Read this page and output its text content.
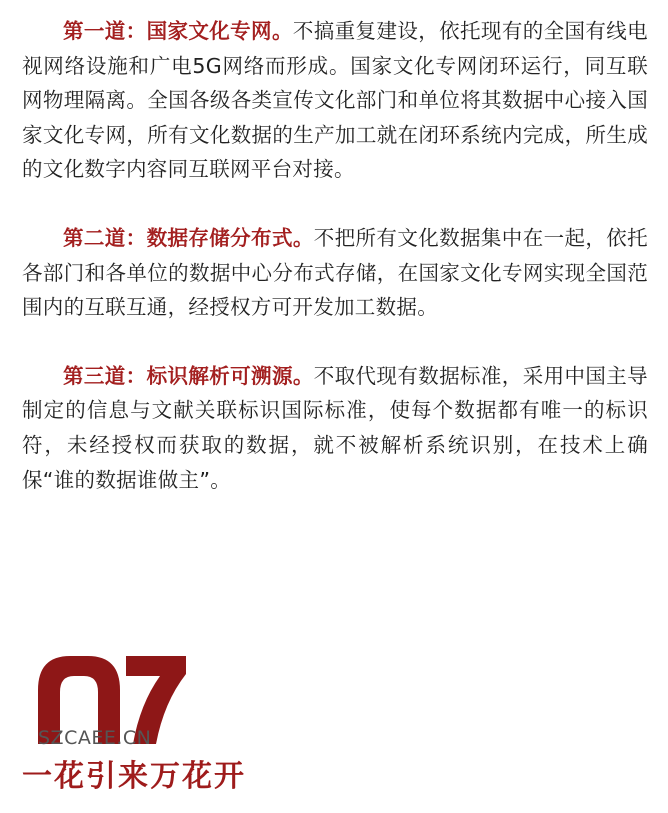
第一道：国家文化专网。不搞重复建设，依托现有的全国有线电视网络设施和广电5G网络而形成。国家文化专网闭环运行，同互联网物理隔离。全国各级各类宣传文化部门和单位将其数据中心接入国家文化专网，所有文化数据的生产加工就在闭环系统内完成，所生成的文化数字内容同互联网平台对接。

第二道：数据存储分布式。不把所有文化数据集中在一起，依托各部门和各单位的数据中心分布式存储，在国家文化专网实现全国范围内的互联互通，经授权方可开发加工数据。

第三道：标识解析可溯源。不取代现有数据标准，采用中国主导制定的信息与文献关联标识国际标准，使每个数据都有唯一的标识符，未经授权而获取的数据，就不被解析系统识别，在技术上确保“谁的数据谁做主”。

SZCAEE.CN
一花引来万花开
